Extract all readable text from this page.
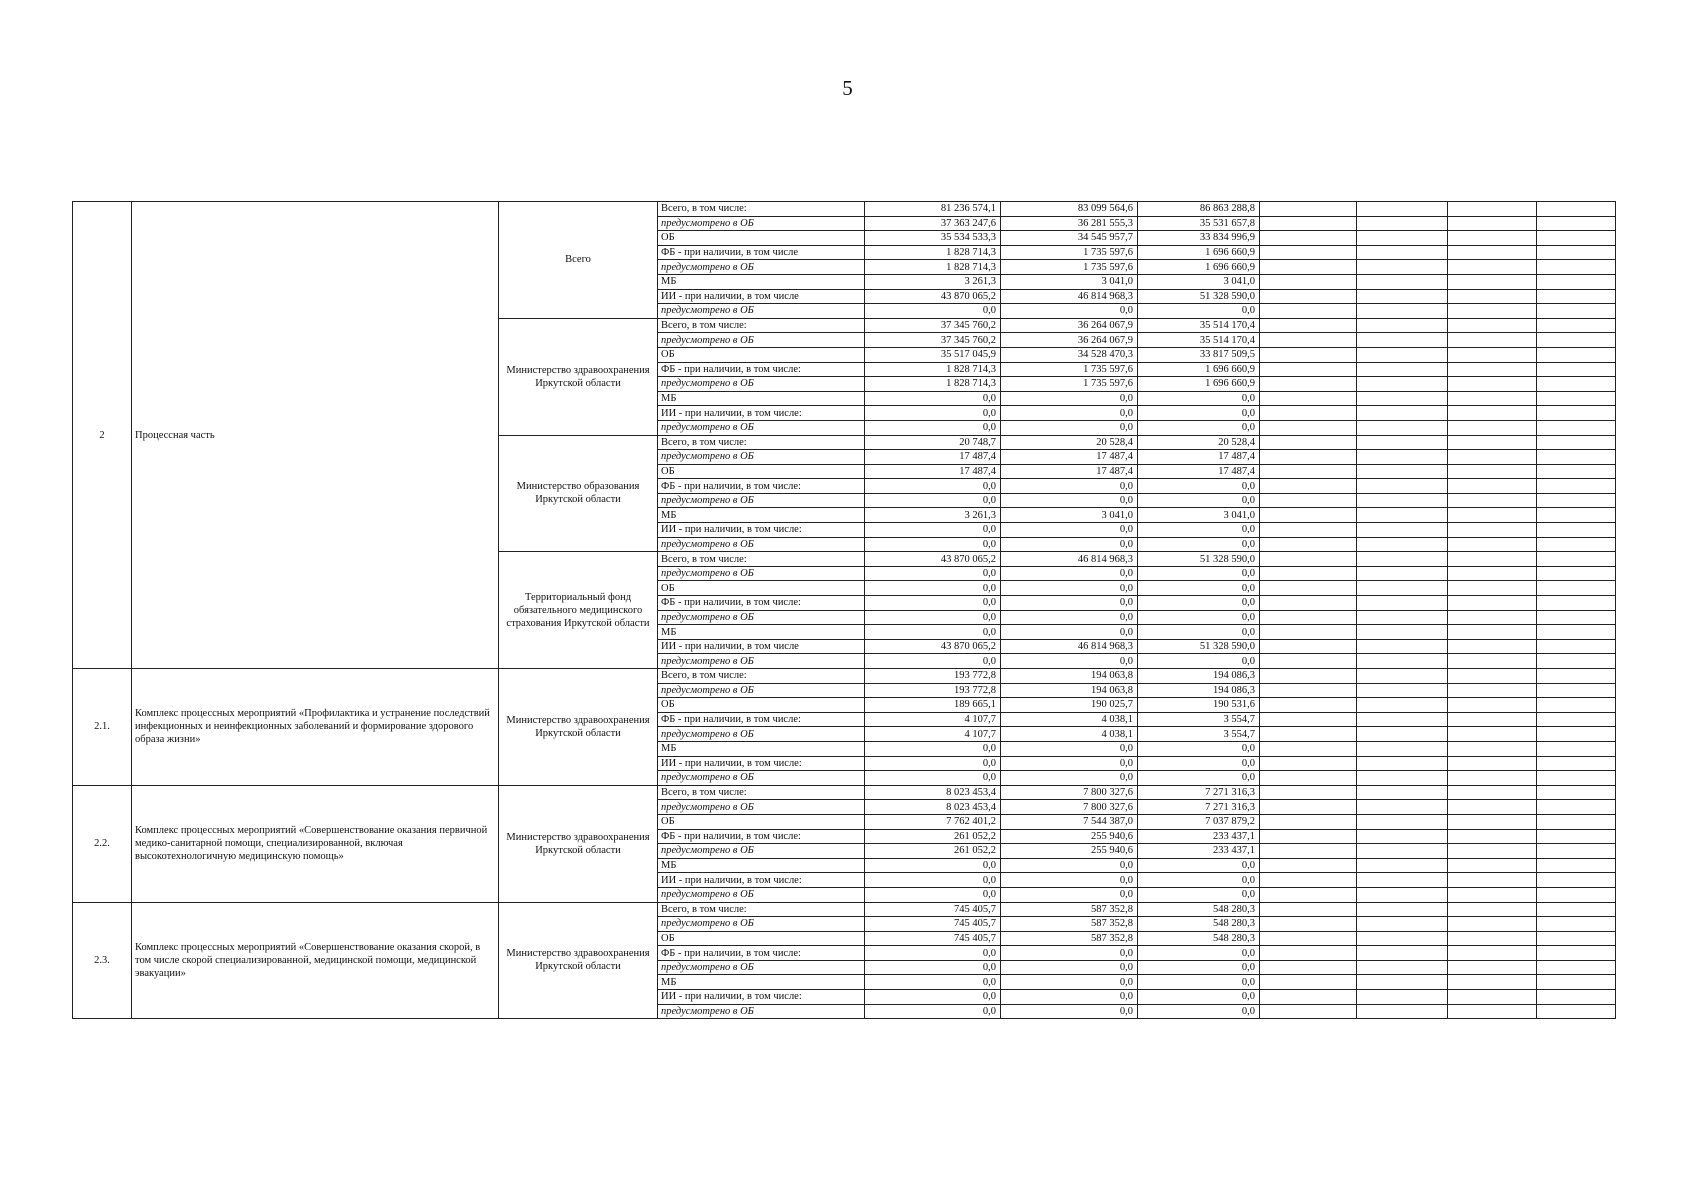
5
2	Процессная часть	Всего	Всего, в том числе:	81 236 574,1	83 099 564,6	86 863 288,8				
			предусмотрено в ОБ	37 363 247,6	36 281 555,3	35 531 657,8				
			ОБ	35 534 533,3	34 545 957,7	33 834 996,9				
			ФБ - при наличии, в том числе	1 828 714,3	1 735 597,6	1 696 660,9				
			предусмотрено в ОБ	1 828 714,3	1 735 597,6	1 696 660,9				
			МБ	3 261,3	3 041,0	3 041,0				
			ИИ - при наличии, в том числе	43 870 065,2	46 814 968,3	51 328 590,0				
			предусмотрено в ОБ	0,0	0,0	0,0				
		Министерство здравоохранения Иркутской области	Всего, в том числе:	37 345 760,2	36 264 067,9	35 514 170,4				
			предусмотрено в ОБ	37 345 760,2	36 264 067,9	35 514 170,4				
			ОБ	35 517 045,9	34 528 470,3	33 817 509,5				
			ФБ - при наличии, в том числе:	1 828 714,3	1 735 597,6	1 696 660,9				
			предусмотрено в ОБ	1 828 714,3	1 735 597,6	1 696 660,9				
			МБ	0,0	0,0	0,0				
			ИИ - при наличии, в том числе:	0,0	0,0	0,0				
			предусмотрено в ОБ	0,0	0,0	0,0				
		Министерство образования Иркутской области	Всего, в том числе:	20 748,7	20 528,4	20 528,4				
			предусмотрено в ОБ	17 487,4	17 487,4	17 487,4				
			ОБ	17 487,4	17 487,4	17 487,4				
			ФБ - при наличии, в том числе:	0,0	0,0	0,0				
			предусмотрено в ОБ	0,0	0,0	0,0				
			МБ	3 261,3	3 041,0	3 041,0				
			ИИ - при наличии, в том числе:	0,0	0,0	0,0				
			предусмотрено в ОБ	0,0	0,0	0,0				
		Территориальный фонд обязательного медицинского страхования Иркутской области	Всего, в том числе:	43 870 065,2	46 814 968,3	51 328 590,0				
			предусмотрено в ОБ	0,0	0,0	0,0				
			ОБ	0,0	0,0	0,0				
			ФБ - при наличии, в том числе:	0,0	0,0	0,0				
			предусмотрено в ОБ	0,0	0,0	0,0				
			МБ	0,0	0,0	0,0				
			ИИ - при наличии, в том числе	43 870 065,2	46 814 968,3	51 328 590,0				
			предусмотрено в ОБ	0,0	0,0	0,0				
2.1.	Комплекс процессных мероприятий «Профилактика и устранение последствий инфекционных и неинфекционных заболеваний и формирование здорового образа жизни»	Министерство здравоохранения Иркутской области	Всего, в том числе:	193 772,8	194 063,8	194 086,3				
			предусмотрено в ОБ	193 772,8	194 063,8	194 086,3				
			ОБ	189 665,1	190 025,7	190 531,6				
			ФБ - при наличии, в том числе:	4 107,7	4 038,1	3 554,7				
			предусмотрено в ОБ	4 107,7	4 038,1	3 554,7				
			МБ	0,0	0,0	0,0				
			ИИ - при наличии, в том числе:	0,0	0,0	0,0				
			предусмотрено в ОБ	0,0	0,0	0,0				
2.2.	Комплекс процессных мероприятий «Совершенствование оказания первичной медико-санитарной помощи, специализированной, включая высокотехнологичную медицинскую помощь»	Министерство здравоохранения Иркутской области	Всего, в том числе:	8 023 453,4	7 800 327,6	7 271 316,3				
			предусмотрено в ОБ	8 023 453,4	7 800 327,6	7 271 316,3				
			ОБ	7 762 401,2	7 544 387,0	7 037 879,2				
			ФБ - при наличии, в том числе:	261 052,2	255 940,6	233 437,1				
			предусмотрено в ОБ	261 052,2	255 940,6	233 437,1				
			МБ	0,0	0,0	0,0				
			ИИ - при наличии, в том числе:	0,0	0,0	0,0				
			предусмотрено в ОБ	0,0	0,0	0,0				
2.3.	Комплекс процессных мероприятий «Совершенствование оказания скорой, в том числе скорой специализированной, медицинской помощи, медицинской эвакуации»	Министерство здравоохранения Иркутской области	Всего, в том числе:	745 405,7	587 352,8	548 280,3				
			предусмотрено в ОБ	745 405,7	587 352,8	548 280,3				
			ОБ	745 405,7	587 352,8	548 280,3				
			ФБ - при наличии, в том числе:	0,0	0,0	0,0				
			предусмотрено в ОБ	0,0	0,0	0,0				
			МБ	0,0	0,0	0,0				
			ИИ - при наличии, в том числе:	0,0	0,0	0,0				
			предусмотрено в ОБ	0,0	0,0	0,0				
